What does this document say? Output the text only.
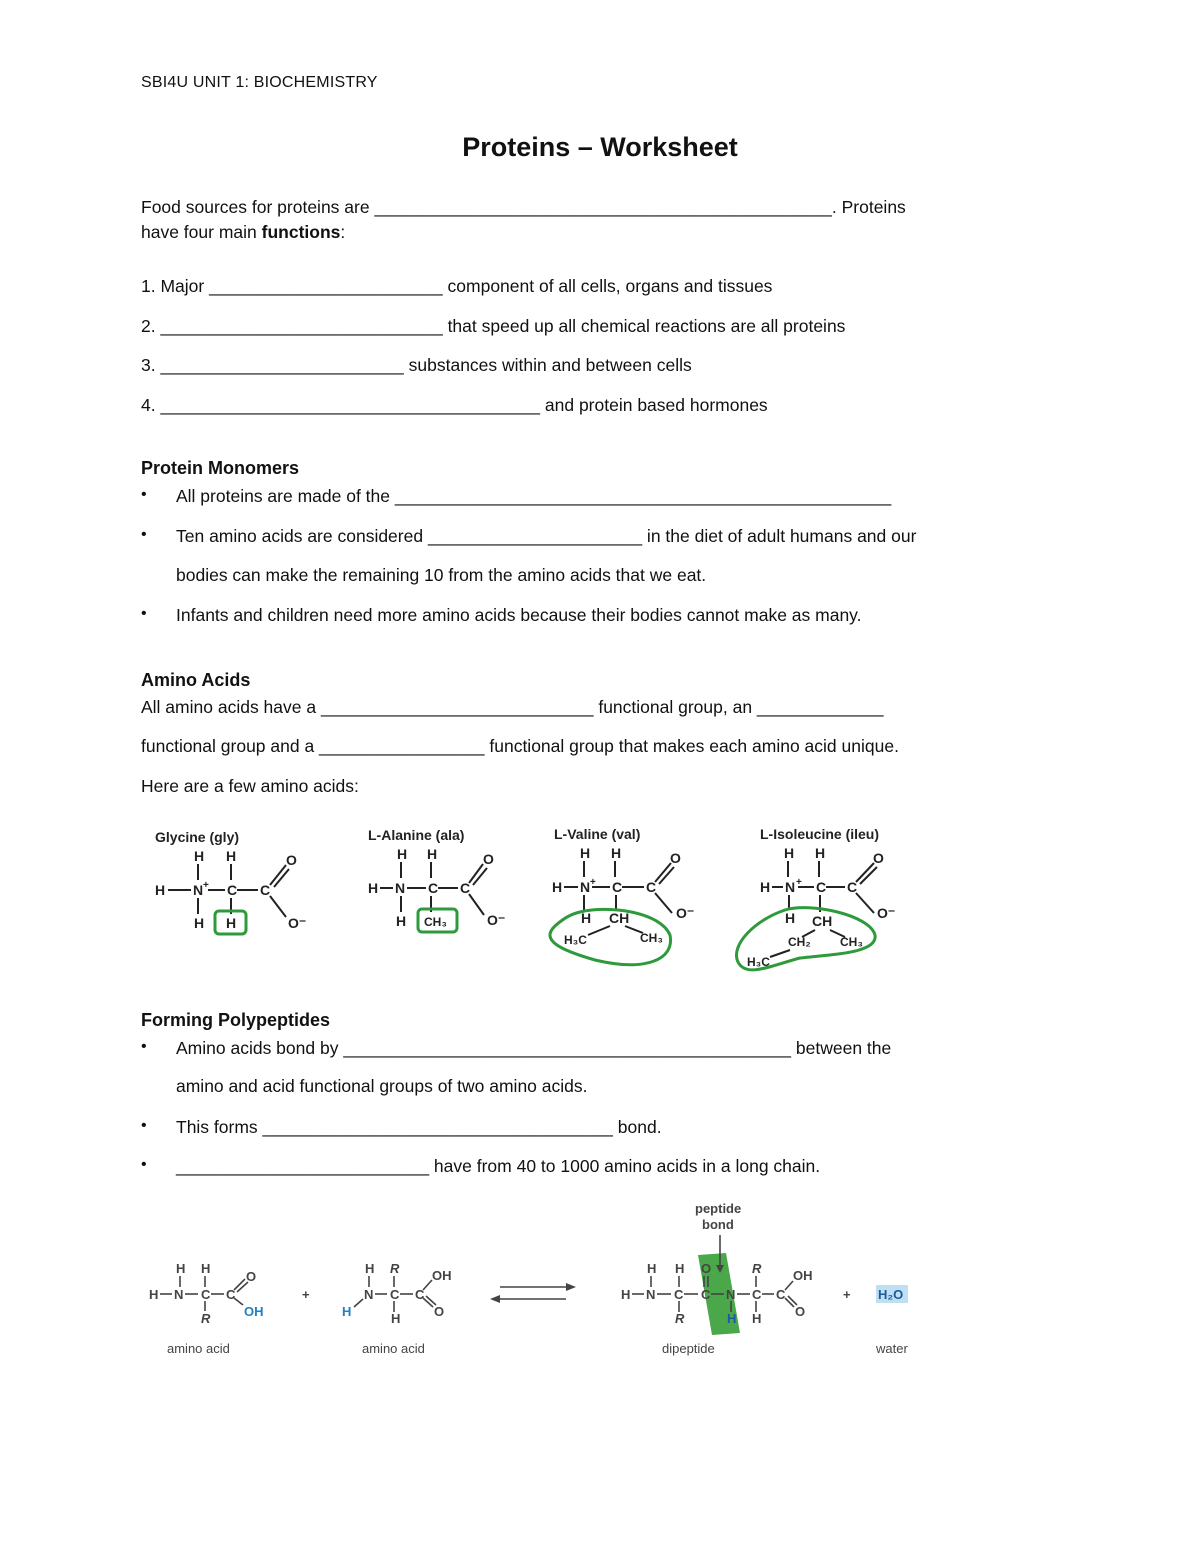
SBI4U UNIT 1: BIOCHEMISTRY
Proteins – Worksheet
Food sources for proteins are _______________________________________________. Proteins
have four main functions:
1. Major ________________________ component of all cells, organs and tissues
2. _____________________________ that speed up all chemical reactions are all proteins
3. _________________________ substances within and between cells
4. _______________________________________ and protein based hormones
Protein Monomers
• All proteins are made of the ___________________________________________________
• Ten amino acids are considered ______________________ in the diet of adult humans and our
bodies can make the remaining 10 from the amino acids that we eat.
• Infants and children need more amino acids because their bodies cannot make as many.
Amino Acids
All amino acids have a ____________________________ functional group, an _____________
functional group and a _________________ functional group that makes each amino acid unique.
Here are a few amino acids:
Glycine (gly)
H H
H N + C C
O
O⁻
H H
L-Alanine (ala)
H H
H N C C
O
O⁻
H CH₃
L-Valine (val)
H H
H N + C C
O
O⁻
H CH
H₃C	CH₃
L-Isoleucine (ileu)
H H
H N + C C
O
O⁻
H CH
CH₂ CH₃
H₃C
Forming Polypeptides
• Amino acids bond by ______________________________________________ between the
amino and acid functional groups of two amino acids.
• This forms ____________________________________ bond.
• __________________________ have from 40 to 1000 amino acids in a long chain.
peptide
bond
H H
H N C C
O
OH
R
+
H R
H
N C C
OH
O
H
H H
H N C C
O
N
H
R
C C
OH
O
R	H
+ H₂O
amino acid	amino acid	dipeptide	water
